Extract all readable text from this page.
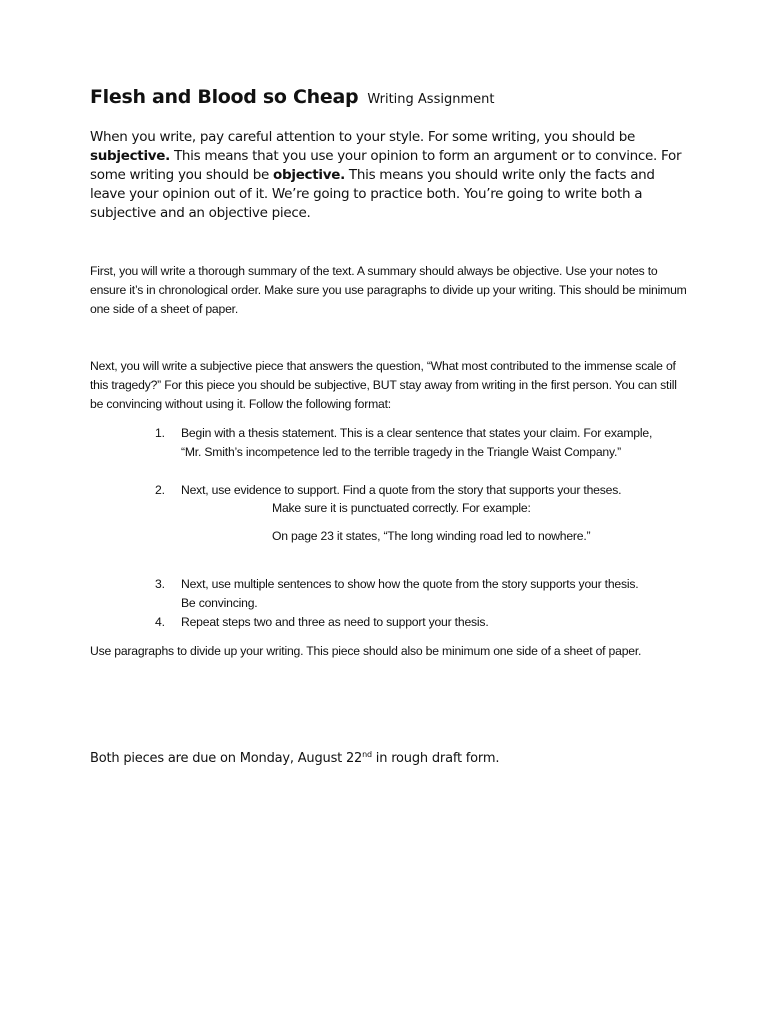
Flesh and Blood so Cheap Writing Assignment
When you write, pay careful attention to your style. For some writing, you should be subjective. This means that you use your opinion to form an argument or to convince. For some writing you should be objective. This means you should write only the facts and leave your opinion out of it. We’re going to practice both. You’re going to write both a subjective and an objective piece.
First, you will write a thorough summary of the text. A summary should always be objective. Use your notes to ensure it’s in chronological order. Make sure you use paragraphs to divide up your writing. This should be minimum one side of a sheet of paper.
Next, you will write a subjective piece that answers the question, “What most contributed to the immense scale of this tragedy?” For this piece you should be subjective, BUT stay away from writing in the first person. You can still be convincing without using it. Follow the following format:
1.	Begin with a thesis statement. This is a clear sentence that states your claim. For example, “Mr. Smith’s incompetence led to the terrible tragedy in the Triangle Waist Company.”
2.	Next, use evidence to support. Find a quote from the story that supports your theses.
Make sure it is punctuated correctly. For example:
On page 23 it states, “The long winding road led to nowhere.”
3.	Next, use multiple sentences to show how the quote from the story supports your thesis. Be convincing.
4.	Repeat steps two and three as need to support your thesis.
Use paragraphs to divide up your writing. This piece should also be minimum one side of a sheet of paper.
Both pieces are due on Monday, August 22nd in rough draft form.
